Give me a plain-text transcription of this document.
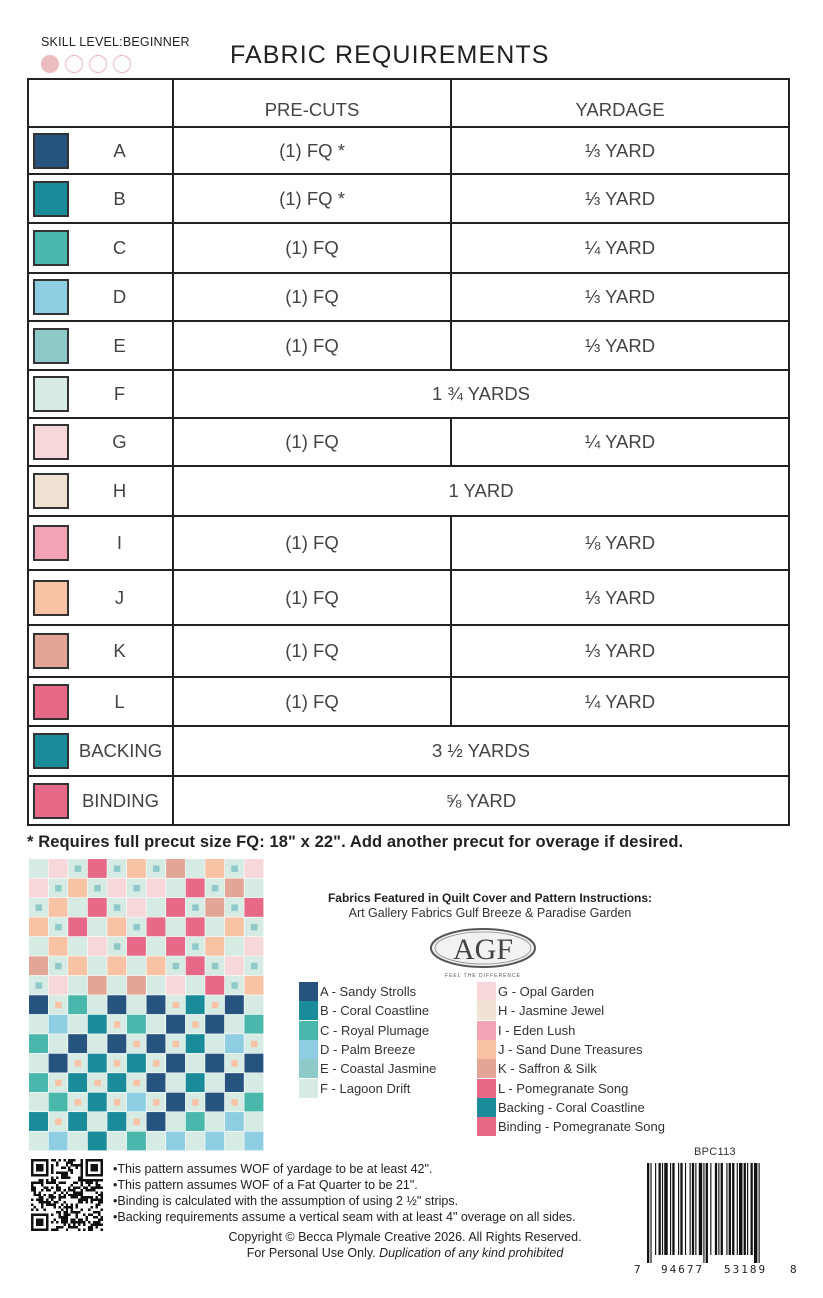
SKILL LEVEL:BEGINNER FABRIC REQUIREMENTS
	PRE-CUTS	YARDAGE

A	(1) FQ *	⅓ YARD

B	(1) FQ *	⅓ YARD

C	(1) FQ	¼ YARD

D	(1) FQ	⅓ YARD

E	(1) FQ	⅓ YARD

F	1 ¾ YARDS	

G	(1) FQ	¼ YARD

H	1 YARD	

I	(1) FQ	⅛ YARD

J	(1) FQ	⅓ YARD

K	(1) FQ	⅓ YARD

L	(1) FQ	¼ YARD

BACKING	3 ½ YARDS	

BINDING	⅝ YARD	
* Requires full precut size FQ: 18" x 22". Add another precut for overage if desired.
Fabrics Featured in Quilt Cover and Pattern Instructions:
Art Gallery Fabrics Gulf Breeze & Paradise Garden
AGF
FEEL THE DIFFERENCE
A - Sandy Strolls
B - Coral Coastline
C - Royal Plumage
D - Palm Breeze
E - Coastal Jasmine
F - Lagoon Drift
G - Opal Garden
H - Jasmine Jewel
I - Eden Lush
J - Sand Dune Treasures
K - Saffron & Silk
L - Pomegranate Song
Backing - Coral Coastline
Binding - Pomegranate Song
BPC113
7 94677 53189 8
•This pattern assumes WOF of yardage to be at least 42".
•This pattern assumes WOF of a Fat Quarter to be 21".
•Binding is calculated with the assumption of using 2 ½" strips.
•Backing requirements assume a vertical seam with at least 4" overage on all sides.
Copyright © Becca Plymale Creative 2026. All Rights Reserved.
For Personal Use Only. Duplication of any kind prohibited
